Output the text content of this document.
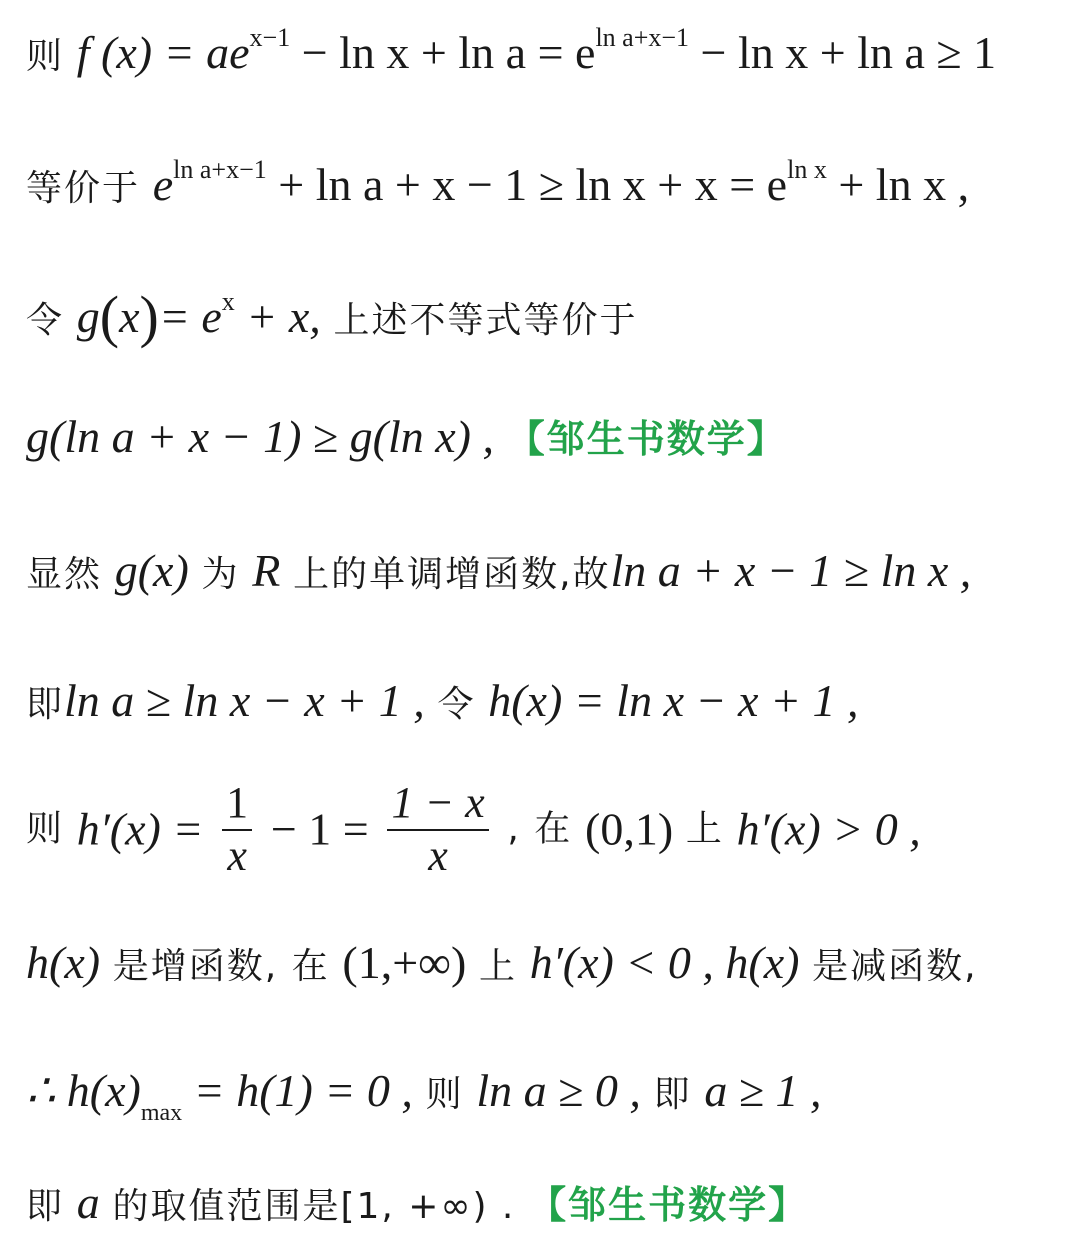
则 f $(x) = ae^{x-1} - \ln x + \ln a = e^{ln a+x-1} - \ln x + \ln a \ge 1$
等价于 $e^{ln a+x-1} + \ln a + x - 1 \ge \ln x + x = e^{ln x} + \ln x$ ,
令 $g(x)= e^x + x$, 上述不等式等价于
g(ln a + x − 1) ≥ g(ln x) , 【邹生书数学】
显然 g(x) 为 R 上的单调增函数,故ln a + x − 1 ≥ ln x ,
即ln a ≥ ln x − x + 1 , 令 h(x) = ln x − x + 1 ,
则 $h'(x) = \frac{1}{x} - 1 = \frac{1 - x}{x}$ , 在 (0,1) 上 h′(x) > 0 ,
h(x) 是增函数, 在 (1,+∞) 上 h′(x) < 0 , h(x) 是减函数,
∴ $h(x)_{max} = h(1) = 0$ , 则 ln a ≥ 0 , 即 a ≥ 1 ,
即 a 的取值范围是[1, +∞) . 【邹生书数学】
